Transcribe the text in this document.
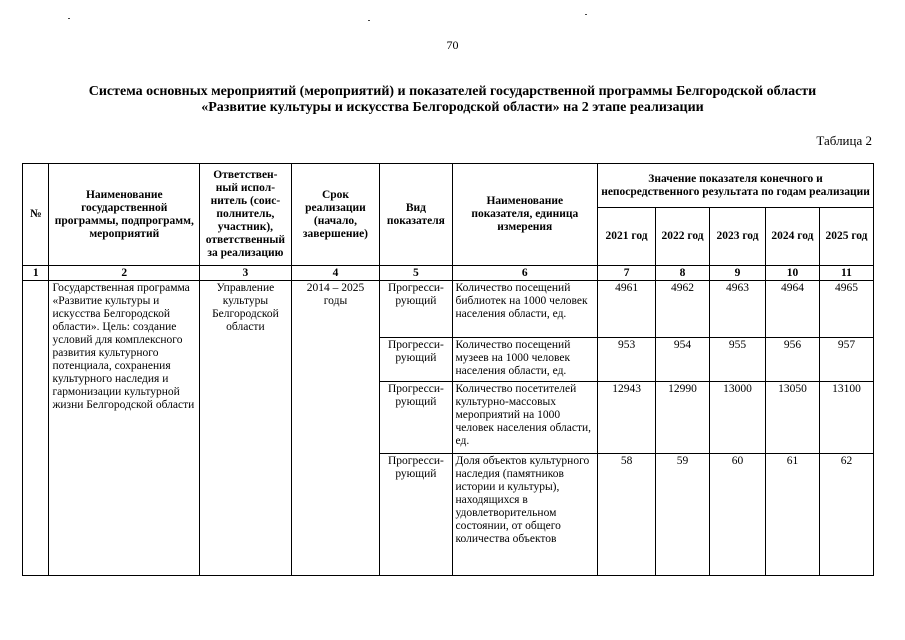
70
Система основных мероприятий (мероприятий) и показателей государственной программы Белгородской области
«Развитие культуры и искусства Белгородской области» на 2 этапе реализации
Таблица 2
№	Наименование государственной программы, подпрограмм, мероприятий	Ответствен-ный испол-нитель (соис-полнитель, участник), ответственный за реализацию	Срок реализации (начало, завершение)	Вид показателя	Наименование показателя, единица измерения	Значение показателя конечного и непосредственного результата по годам реализации				
						2021 год	2022 год	2023 год	2024 год	2025 год
1	2	3	4	5	6	7	8	9	10	11
	Государственная программа «Развитие культуры и искусства Белгородской области». Цель: создание условий для комплексного развития культурного потенциала, сохранения культурного наследия и гармонизации культурной жизни Белгородской области	Управление культуры Белгородской области	2014 – 2025 годы	Прогресси-рующий	Количество посещений библиотек на 1000 человек населения области, ед.	4961	4962	4963	4964	4965
				Прогресси-рующий	Количество посещений музеев на 1000 человек населения области, ед.	953	954	955	956	957
				Прогресси-рующий	Количество посетителей культурно-массовых мероприятий на 1000 человек населения области, ед.	12943	12990	13000	13050	13100
				Прогресси-рующий	Доля объектов культурного наследия (памятников истории и культуры), находящихся в удовлетворительном состоянии, от общего количества объектов	58	59	60	61	62
